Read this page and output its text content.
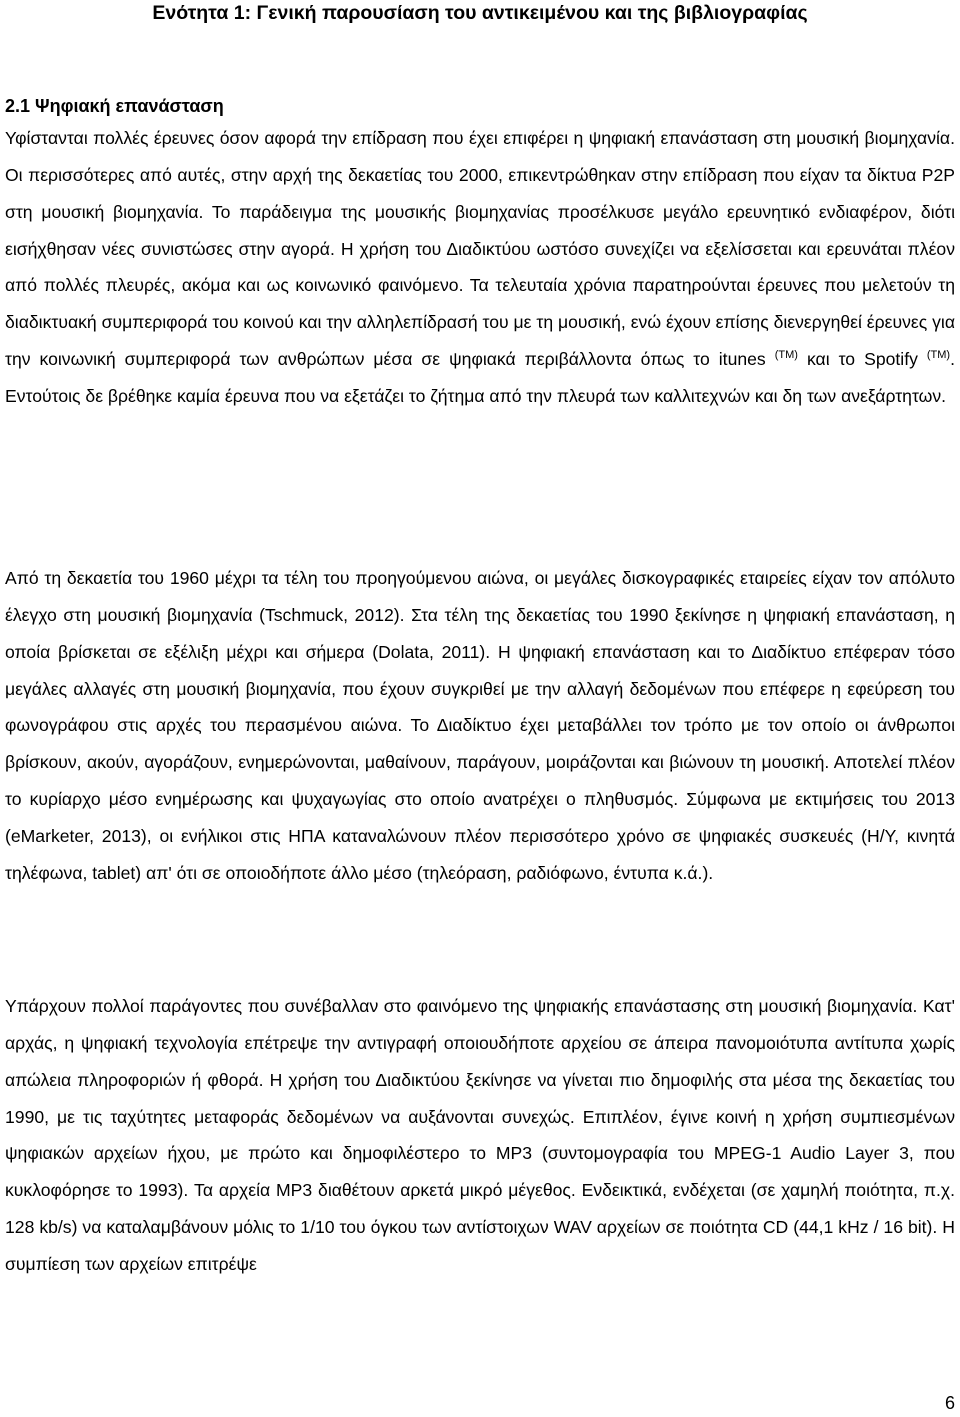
Ενότητα 1: Γενική παρουσίαση του αντικειμένου και της βιβλιογραφίας
2.1 Ψηφιακή επανάσταση

Υφίστανται πολλές έρευνες όσον αφορά την επίδραση που έχει επιφέρει η ψηφιακή επανάσταση στη μουσική βιομηχανία. Οι περισσότερες από αυτές, στην αρχή της δεκαετίας του 2000, επικεντρώθηκαν στην επίδραση που είχαν τα δίκτυα P2P στη μουσική βιομηχανία. Το παράδειγμα της μουσικής βιομηχανίας προσέλκυσε μεγάλο ερευνητικό ενδιαφέρον, διότι εισήχθησαν νέες συνιστώσες στην αγορά. Η χρήση του Διαδικτύου ωστόσο συνεχίζει να εξελίσσεται και ερευνάται πλέον από πολλές πλευρές, ακόμα και ως κοινωνικό φαινόμενο. Τα τελευταία χρόνια παρατηρούνται έρευνες που μελετούν τη διαδικτυακή συμπεριφορά του κοινού και την αλληλεπίδρασή του με τη μουσική, ενώ έχουν επίσης διενεργηθεί έρευνες για την κοινωνική συμπεριφορά των ανθρώπων μέσα σε ψηφιακά περιβάλλοντα όπως το itunes $^{(TM)}$ και το Spotify $^{(TM)}$. Εντούτοις δε βρέθηκε καμία έρευνα που να εξετάζει το ζήτημα από την πλευρά των καλλιτεχνών και δη των ανεξάρτητων.

Από τη δεκαετία του 1960 μέχρι τα τέλη του προηγούμενου αιώνα, οι μεγάλες δισκογραφικές εταιρείες είχαν τον απόλυτο έλεγχο στη μουσική βιομηχανία (Tschmuck, 2012). Στα τέλη της δεκαετίας του 1990 ξεκίνησε η ψηφιακή επανάσταση, η οποία βρίσκεται σε εξέλιξη μέχρι και σήμερα (Dolata, 2011). Η ψηφιακή επανάσταση και το Διαδίκτυο επέφεραν τόσο μεγάλες αλλαγές στη μουσική βιομηχανία, που έχουν συγκριθεί με την αλλαγή δεδομένων που επέφερε η εφεύρεση του φωνογράφου στις αρχές του περασμένου αιώνα. Το Διαδίκτυο έχει μεταβάλλει τον τρόπο με τον οποίο οι άνθρωποι βρίσκουν, ακούν, αγοράζουν, ενημερώνονται, μαθαίνουν, παράγουν, μοιράζονται και βιώνουν τη μουσική. Αποτελεί πλέον το κυρίαρχο μέσο ενημέρωσης και ψυχαγωγίας στο οποίο ανατρέχει ο πληθυσμός. Σύμφωνα με εκτιμήσεις του 2013 (eMarketer, 2013), οι ενήλικοι στις ΗΠΑ καταναλώνουν πλέον περισσότερο χρόνο σε ψηφιακές συσκευές (Η/Υ, κινητά τηλέφωνα, tablet) απ' ότι σε οποιοδήποτε άλλο μέσο (τηλεόραση, ραδιόφωνο, έντυπα κ.ά.).

Υπάρχουν πολλοί παράγοντες που συνέβαλλαν στο φαινόμενο της ψηφιακής επανάστασης στη μουσική βιομηχανία. Κατ' αρχάς, η ψηφιακή τεχνολογία επέτρεψε την αντιγραφή οποιουδήποτε αρχείου σε άπειρα πανομοιότυπα αντίτυπα χωρίς απώλεια πληροφοριών ή φθορά. Η χρήση του Διαδικτύου ξεκίνησε να γίνεται πιο δημοφιλής στα μέσα της δεκαετίας του 1990, με τις ταχύτητες μεταφοράς δεδομένων να αυξάνονται συνεχώς. Επιπλέον, έγινε κοινή η χρήση συμπιεσμένων ψηφιακών αρχείων ήχου, με πρώτο και δημοφιλέστερο το MP3 (συντομογραφία του MPEG-1 Audio Layer 3, που κυκλοφόρησε το 1993). Τα αρχεία MP3 διαθέτουν αρκετά μικρό μέγεθος. Ενδεικτικά, ενδέχεται (σε χαμηλή ποιότητα, π.χ. 128 kb/s) να καταλαμβάνουν μόλις το 1/10 του όγκου των αντίστοιχων WAV αρχείων σε ποιότητα CD (44,1 kHz / 16 bit). Η συμπίεση των αρχείων επιτρέψε

6
